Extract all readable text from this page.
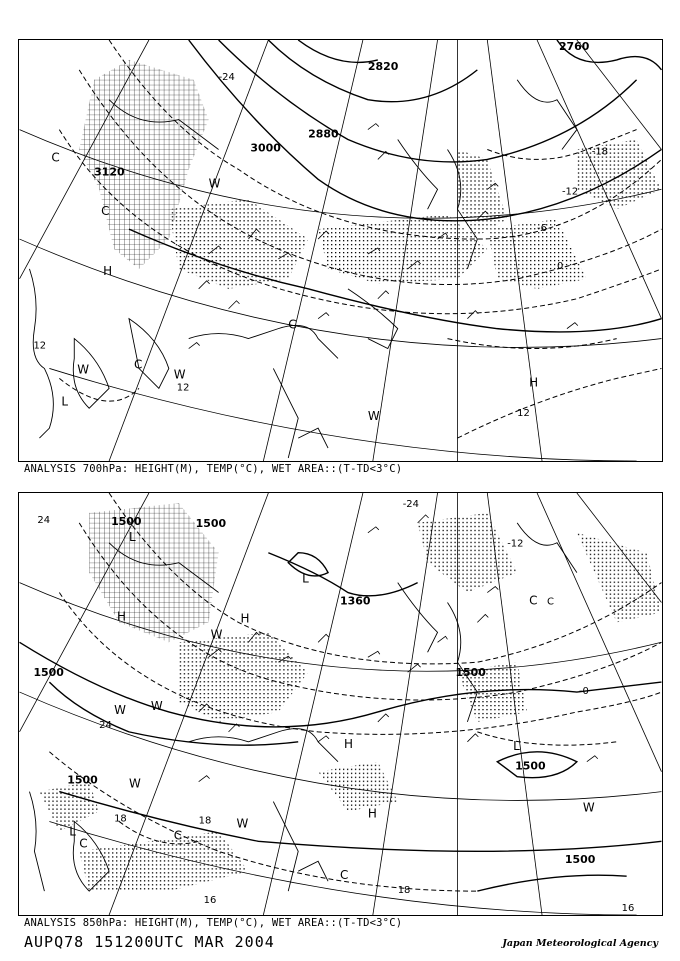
3000
3120
2880
2760
2820
-18
-12
-6
0
12
12
-24
12
C
C
C
H
W
L
W
C
H
W
W
ANALYSIS 700hPa: HEIGHT(M), TEMP(°C), WET AREA::(T-TD<3°C)
1500	1500
1500
1360
1500
1500
1500
1500
24
-24
-12
-0
24
18	18
18
16
16
C
L
L
L
H	H
W
W
W
H
C
C
L
C
W
C
W
H
W
ANALYSIS 850hPa: HEIGHT(M), TEMP(°C), WET AREA::(T-TD<3°C)
AUPQ78 151200UTC MAR 2004	Japan Meteorological Agency
